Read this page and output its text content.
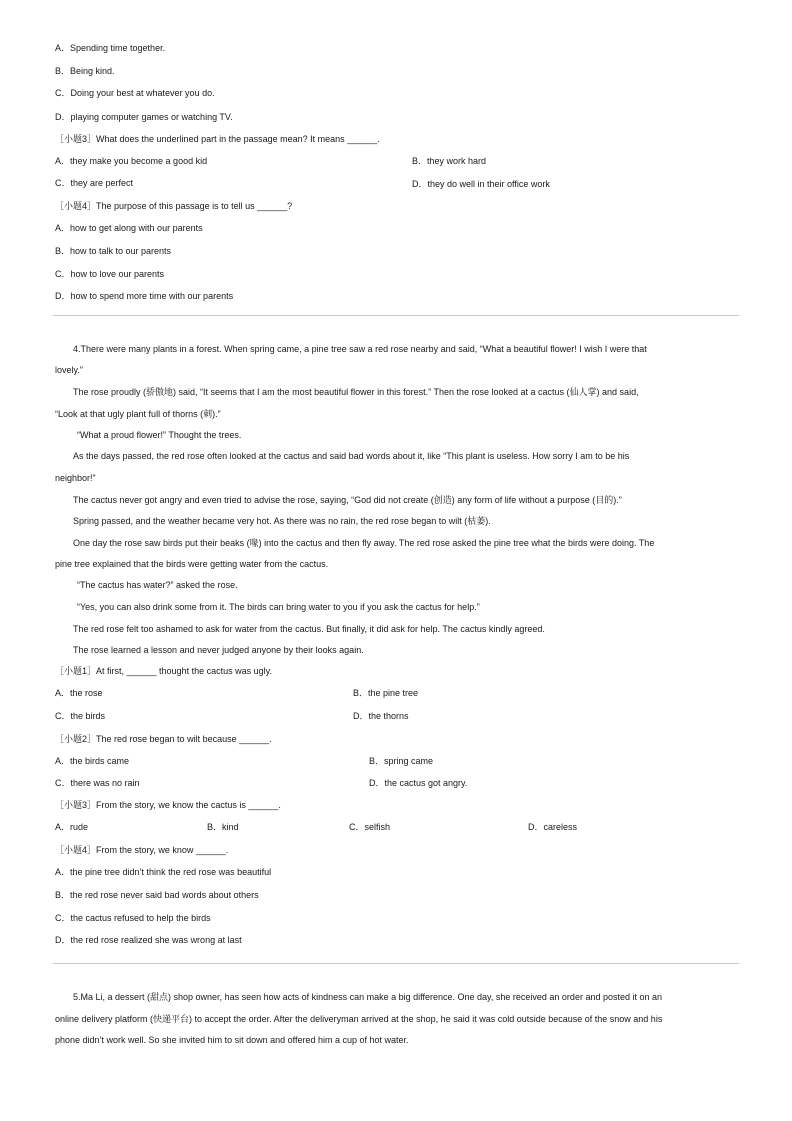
A．Spending time together.
B．Being kind.
C．Doing your best at whatever you do.
D．playing computer games or watching TV.
［小题3］What does the underlined part in the passage mean? It means ______.
A．they make you become a good kid	B．they work hard
C．they are perfect	D．they do well in their office work
［小题4］The purpose of this passage is to tell us ______?
A．how to get along with our parents
B．how to talk to our parents
C．how to love our parents
D．how to spend more time with our parents
4.There were many plants in a forest. When spring came, a pine tree saw a red rose nearby and said, “What a beautiful flower! I wish I were that
lovely.”
The rose proudly (骄傲地) said, “It seems that I am the most beautiful flower in this forest.” Then the rose looked at a cactus (仙人掌) and said,
“Look at that ugly plant full of thorns (刺).”
“What a proud flower!” Thought the trees.
As the days passed, the red rose often looked at the cactus and said bad words about it, like “This plant is useless. How sorry I am to be his
neighbor!”
The cactus never got angry and even tried to advise the rose, saying, “God did not create (创造) any form of life without a purpose (目的).”
Spring passed, and the weather became very hot. As there was no rain, the red rose began to wilt (枯萎).
One day the rose saw birds put their beaks (喙) into the cactus and then fly away. The red rose asked the pine tree what the birds were doing. The
pine tree explained that the birds were getting water from the cactus.
“The cactus has water?” asked the rose.
“Yes, you can also drink some from it. The birds can bring water to you if you ask the cactus for help.”
The red rose felt too ashamed to ask for water from the cactus. But finally, it did ask for help. The cactus kindly agreed.
The rose learned a lesson and never judged anyone by their looks again.
［小题1］At first, ______ thought the cactus was ugly.
A．the rose	B．the pine tree
C．the birds	D．the thorns
［小题2］The red rose began to wilt because ______.
A．the birds came	B．spring came
C．there was no rain	D．the cactus got angry.
［小题3］From the story, we know the cactus is ______.
A．rude	B．kind	C．selfish	D．careless
［小题4］From the story, we know ______.
A．the pine tree didn’t think the red rose was beautiful
B．the red rose never said bad words about others
C．the cactus refused to help the birds
D．the red rose realized she was wrong at last
5.Ma Li, a dessert (甜点) shop owner, has seen how acts of kindness can make a big difference. One day, she received an order and posted it on an
online delivery platform (快递平台) to accept the order. After the deliveryman arrived at the shop, he said it was cold outside because of the snow and his
phone didn’t work well. So she invited him to sit down and offered him a cup of hot water.
